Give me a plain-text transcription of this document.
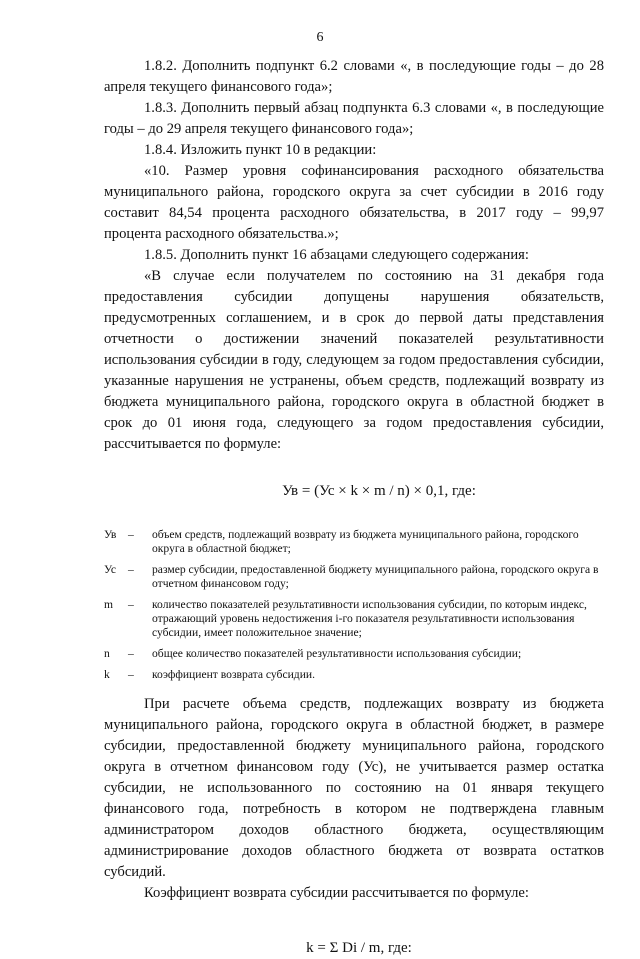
6

1.8.2. Дополнить подпункт 6.2 словами «, в последующие годы – до 28 апреля текущего финансового года»;

1.8.3. Дополнить первый абзац подпункта 6.3 словами «, в последующие годы – до 29 апреля текущего финансового года»;

1.8.4. Изложить пункт 10 в редакции:

«10. Размер уровня софинансирования расходного обязательства муниципального района, городского округа за счет субсидии в 2016 году составит 84,54 процента расходного обязательства, в 2017 году – 99,97 процента расходного обязательства.»;

1.8.5. Дополнить пункт 16 абзацами следующего содержания:

«В случае если получателем по состоянию на 31 декабря года предоставления субсидии допущены нарушения обязательств, предусмотренных соглашением, и в срок до первой даты представления отчетности о достижении значений показателей результативности использования субсидии в году, следующем за годом предоставления субсидии, указанные нарушения не устранены, объем средств, подлежащий возврату из бюджета муниципального района, городского округа в областной бюджет в срок до 01 июня года, следующего за годом предоставления субсидии, рассчитывается по формуле:

Ув = (Ус × k × m / n) × 0,1, где:
Ув	–	объем средств, подлежащий возврату из бюджета муниципального района, городского округа в областной бюджет;
Ус	–	размер субсидии, предоставленной бюджету муниципального района, городского округа в отчетном финансовом году;
m	–	количество показателей результативности использования субсидии, по которым индекс, отражающий уровень недостижения i-го показателя результативности использования субсидии, имеет положительное значение;
n	–	общее количество показателей результативности использования субсидии;
k	–	коэффициент возврата субсидии.

При расчете объема средств, подлежащих возврату из бюджета муниципального района, городского округа в областной бюджет, в размере субсидии, предоставленной бюджету муниципального района, городского округа в отчетном финансовом году (Ус), не учитывается размер остатка субсидии, не использованного по состоянию на 01 января текущего финансового года, потребность в котором не подтверждена главным администратором доходов областного бюджета, осуществляющим администрирование доходов областного бюджета от возврата остатков субсидий.

Коэффициент возврата субсидии рассчитывается по формуле:

k = Σ Di / m, где:
